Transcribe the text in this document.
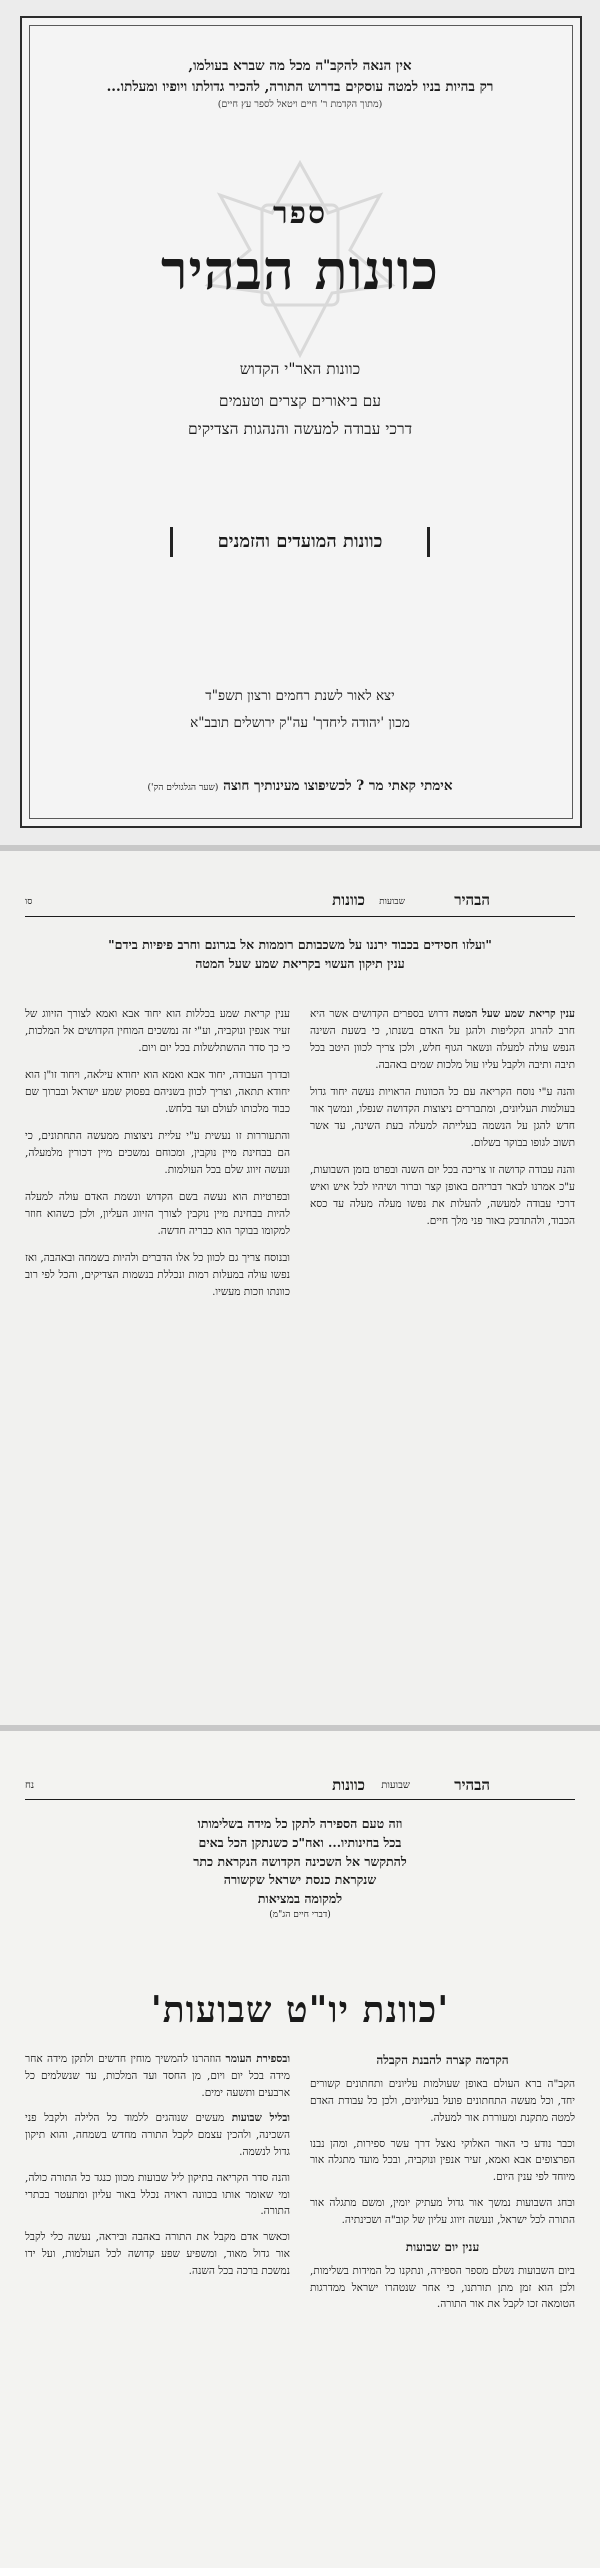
אין הנאה להקב"ה מכל מה שברא בעולמו,
רק בהיות בניו למטה עוסקים בדרוש התורה, להכיר גדולתו ויופיו ומעלתו...
(מתוך הקדמת ר' חיים ויטאל לספר עץ חיים)
ספר
כוונות הבהיר
כוונות האר"י הקדוש
עם ביאורים קצרים וטעמים
דרכי עבודה למעשה והנהגות הצדיקים
כוונות המועדים והזמנים
יצא לאור לשנת רחמים ורצון תשפ"ד
מכון 'יהודה ליחדך' עה"ק ירושלים תובב"א
אימתי קאתי מר ? לכשיפוצו מעינותיך חוצה (שער הגלגולים הק')
כוונות שבועות	הבהיר
סו
"ועלזו חסידים בכבוד ירננו על משכבותם רוממות אל בגרונם וחרב פיפיות בידם"
ענין תיקון העשוי בקריאת שמע שעל המטה

ענין קריאת שמע שעל המטה דרוש בספרים הקדושים אשר היא חרב להרוג הקליפות ולהגן על האדם בשנתו, כי בשעת השינה הנפש עולה למעלה ונשאר הגוף חלש, ולכן צריך לכוון היטב בכל תיבה ותיבה ולקבל עליו עול מלכות שמים באהבה.

והנה ע"י נוסח הקריאה עם כל הכוונות הראויות נעשה יחוד גדול בעולמות העליונים, ומתבררים ניצוצות הקדושה שנפלו, ונמשך אור חדש להגן על הנשמה בעלייתה למעלה בעת השינה, עד אשר תשוב לגופו בבוקר בשלום.

והנה עבודה קדושה זו צריכה בכל יום השנה ובפרט בזמן השבועות, ע"כ אמרנו לבאר דבריהם באופן קצר וברור ושיהיו לכל איש ואיש דרכי עבודה למעשה, להעלות את נפשו מעלה מעלה עד כסא הכבוד, ולהתדבק באור פני מלך חיים.

ענין קריאת שמע בכללות הוא יחוד אבא ואמא לצורך הזיווג של זעיר אנפין ונוקביה, וע"י זה נמשכים המוחין הקדושים אל המלכות, כי כך סדר ההשתלשלות בכל יום ויום.

ובדרך העבודה, יחוד אבא ואמא הוא יחודא עילאה, ויחוד זו"ן הוא יחודא תתאה, וצריך לכוון בשניהם בפסוק שמע ישראל ובברוך שם כבוד מלכותו לעולם ועד בלחש.

והתעוררות זו נעשית ע"י עליית ניצוצות ממעשה התחתונים, כי הם בבחינת מיין נוקבין, ומכוחם נמשכים מיין דכורין מלמעלה, ונעשה זיווג שלם בכל העולמות.

ובפרטיות הוא נעשה בשם הקדוש ונשמת האדם עולה למעלה להיות בבחינת מיין נוקבין לצורך הזיווג העליון, ולכן כשהוא חוזר למקומו בבוקר הוא כבריה חדשה.

ובנוסח צריך גם לכוון כל אלו הדברים ולהיות בשמחה ובאהבה, ואז נפשו עולה במעלות רמות ונכללת בנשמות הצדיקים, והכל לפי רוב כוונתו וזכות מעשיו.

כוונות שבועות	הבהיר
נח
וזה טעם הספירה לתקן כל מידה בשלימותו
בכל בחינותיו... ואח"כ כשנתקן הכל באים
להתקשר אל השכינה הקדושה הנקראת כתר
שנקראת כנסת ישראל שקשורה
למקומה במציאות
(דברי חיים הג"מ)
'כוונת יו"ט שבועות'
הקדמה קצרה להבנת הקבלה

הקב"ה ברא העולם באופן שעולמות עליונים ותחתונים קשורים יחד, וכל מעשה התחתונים פועל בעליונים, ולכן כל עבודת האדם למטה מתקנת ומעוררת אור למעלה.

וכבר נודע כי האור האלוקי נאצל דרך עשר ספירות, ומהן נבנו הפרצופים אבא ואמא, זעיר אנפין ונוקביה, ובכל מועד מתגלה אור מיוחד לפי ענין היום.

ובחג השבועות נמשך אור גדול מעתיק יומין, ומשם מתגלה אור התורה לכל ישראל, ונעשה זיווג עליון של קוב"ה ושכינתיה.

ענין יום שבועות

ביום השבועות נשלם מספר הספירה, ונתקנו כל המידות בשלימות, ולכן הוא זמן מתן תורתנו, כי אחר שנטהרו ישראל ממדרגות הטומאה זכו לקבל את אור התורה.

ובספירת העומר הוזהרנו להמשיך מוחין חדשים ולתקן מידה אחר מידה בכל יום ויום, מן החסד ועד המלכות, עד שנשלמים כל ארבעים ותשעה ימים.

ובליל שבועות מעשים שנוהגים ללמוד כל הלילה ולקבל פני השכינה, ולהכין עצמם לקבל התורה מחדש בשמחה, והוא תיקון גדול לנשמה.

והנה סדר הקריאה בתיקון ליל שבועות מכוון כנגד כל התורה כולה, ומי שאומר אותו בכוונה ראויה נכלל באור עליון ומתעטר בכתרי התורה.

וכאשר אדם מקבל את התורה באהבה וביראה, נעשה כלי לקבל אור גדול מאוד, ומשפיע שפע קדושה לכל העולמות, ועל ידו נמשכת ברכה בכל השנה.
